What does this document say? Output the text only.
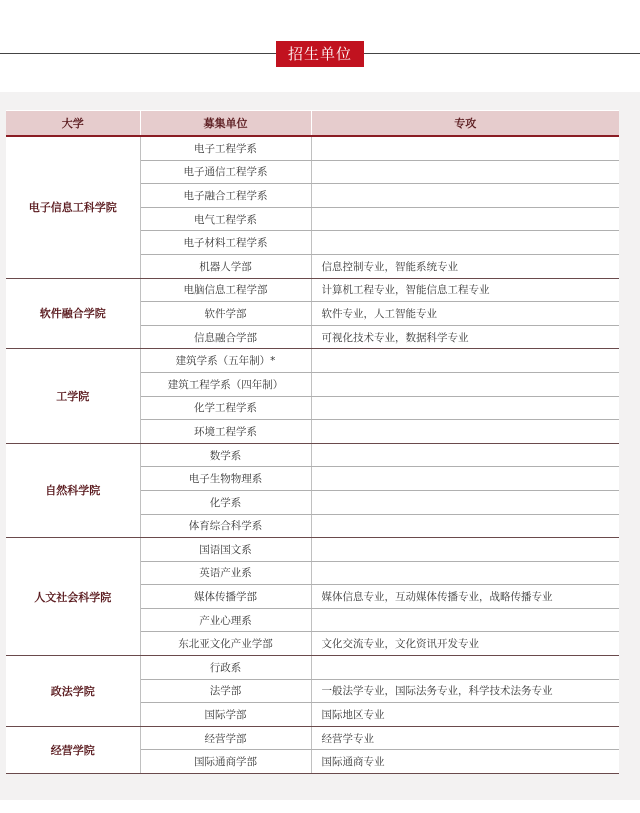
招生单位
大学	募集单位	专攻
电子信息工科学院	电子工程学系	
	电子通信工程学系	
	电子融合工程学系	
	电气工程学系	
	电子材料工程学系	
	机器人学部	信息控制专业，智能系统专业
软件融合学院	电脑信息工程学部	计算机工程专业，智能信息工程专业
	软件学部	软件专业，人工智能专业
	信息融合学部	可视化技术专业，数据科学专业
工学院	建筑学系（五年制）*	
	建筑工程学系（四年制）	
	化学工程学系	
	环境工程学系	
自然科学院	数学系	
	电子生物物理系	
	化学系	
	体育综合科学系	
人文社会科学院	国语国文系	
	英语产业系	
	媒体传播学部	媒体信息专业，互动媒体传播专业，战略传播专业
	产业心理系	
	东北亚文化产业学部	文化交流专业，文化资讯开发专业
政法学院	行政系	
	法学部	一般法学专业，国际法务专业，科学技术法务专业
	国际学部	国际地区专业
经营学院	经营学部	经营学专业
	国际通商学部	国际通商专业
